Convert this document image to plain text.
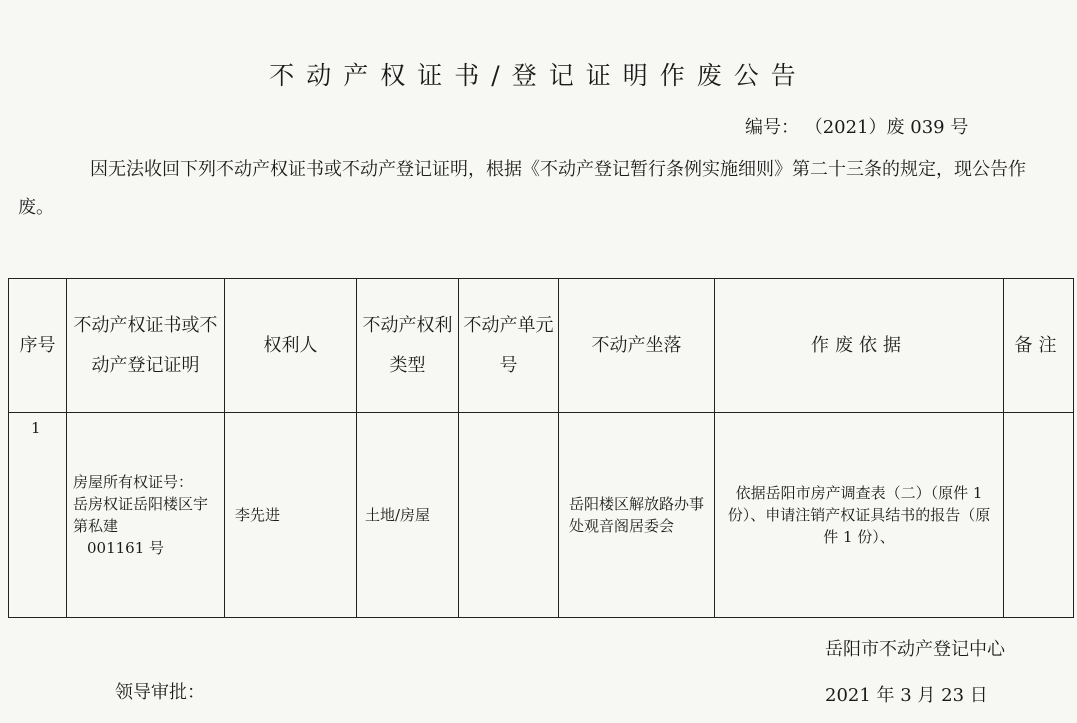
不动产权证书/登记证明作废公告
编号： （2021）废 039 号
因无法收回下列不动产权证书或不动产登记证明，根据《不动产登记暂行条例实施细则》第二十三条的规定，现公告作废。
序号	不动产权证书或不动产登记证明	权利人	不动产权利类型	不动产单元号	不动产坐落	作废依据	备注
1	房屋所有权证号：
岳房权证岳阳楼区宇第私建
001161 号	李先进	土地/房屋		岳阳楼区解放路办事处观音阁居委会	依据岳阳市房产调查表（二）（原件 1 份）、申请注销产权证具结书的报告（原件 1 份）、	
岳阳市不动产登记中心
领导审批：	2021 年 3 月 23 日
